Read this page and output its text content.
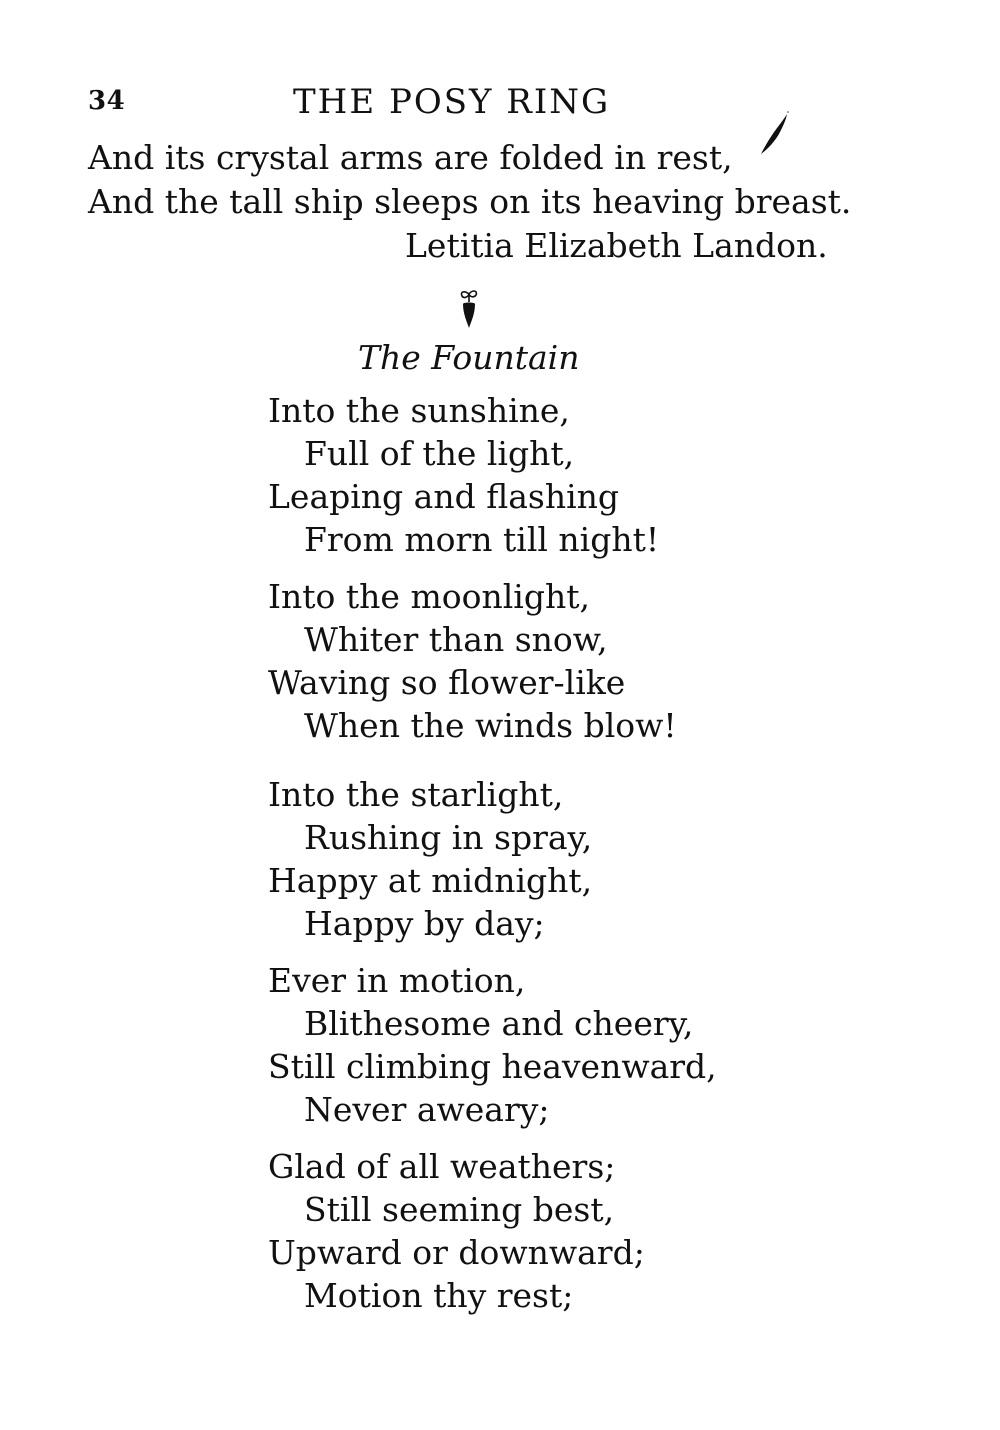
34	THE POSY RING
And its crystal arms are folded in rest,
And the tall ship sleeps on its heaving breast.
Letitia Elizabeth Landon.
The Fountain
Into the sunshine,
Full of the light,
Leaping and flashing
From morn till night!
Into the moonlight,
Whiter than snow,
Waving so flower-like
When the winds blow!
Into the starlight,
Rushing in spray,
Happy at midnight,
Happy by day;
Ever in motion,
Blithesome and cheery,
Still climbing heavenward,
Never aweary;
Glad of all weathers;
Still seeming best,
Upward or downward;
Motion thy rest;
